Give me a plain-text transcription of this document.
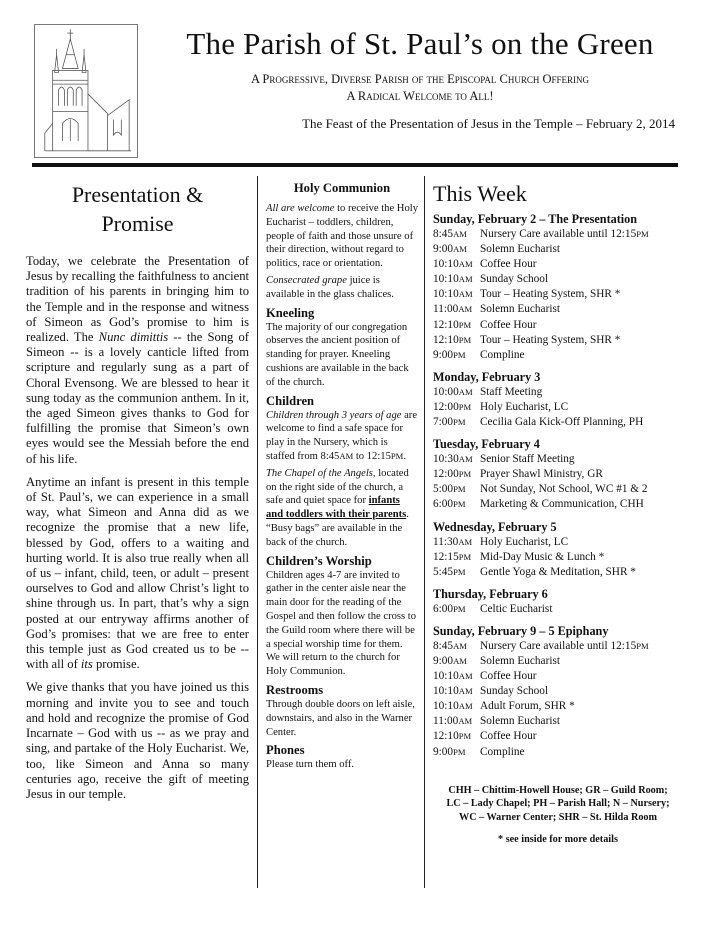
The Parish of St. Paul’s on the Green
A Progressive, Diverse Parish of the Episcopal Church Offering
A Radical Welcome to All!
The Feast of the Presentation of Jesus in the Temple – February 2, 2014
Presentation &
Promise

Today, we celebrate the Presentation of Jesus by recalling the faithfulness to ancient tradition of his parents in bringing him to the Temple and in the response and witness of Simeon as God’s promise to him is realized. The Nunc dimittis -- the Song of Simeon -- is a lovely canticle lifted from scripture and regularly sung as a part of Choral Evensong. We are blessed to hear it sung today as the communion anthem. In it, the aged Simeon gives thanks to God for fulfilling the promise that Simeon’s own eyes would see the Messiah before the end of his life.

Anytime an infant is present in this temple of St. Paul’s, we can experience in a small way, what Simeon and Anna did as we recognize the promise that a new life, blessed by God, offers to a waiting and hurting world. It is also true really when all of us – infant, child, teen, or adult – present ourselves to God and allow Christ’s light to shine through us. In part, that’s why a sign posted at our entryway affirms another of God’s promises: that we are free to enter this temple just as God created us to be -- with all of its promise.

We give thanks that you have joined us this morning and invite you to see and touch and hold and recognize the promise of God Incarnate – God with us -- as we pray and sing, and partake of the Holy Eucharist. We, too, like Simeon and Anna so many centuries ago, receive the gift of meeting Jesus in our temple.

Holy Communion

All are welcome to receive the Holy Eucharist – toddlers, children, people of faith and those unsure of their direction, without regard to politics, race or orientation.

Consecrated grape juice is available in the glass chalices.

Kneeling

The majority of our congregation observes the ancient position of standing for prayer. Kneeling cushions are available in the back of the church.

Children

Children through 3 years of age are welcome to find a safe space for play in the Nursery, which is staffed from 8:45AM to 12:15PM.

The Chapel of the Angels, located on the right side of the church, a safe and quiet space for infants and toddlers with their parents. “Busy bags” are available in the back of the church.

Children’s Worship

Children ages 4-7 are invited to gather in the center aisle near the main door for the reading of the Gospel and then follow the cross to the Guild room where there will be a special worship time for them. We will return to the church for Holy Communion.

Restrooms

Through double doors on left aisle, downstairs, and also in the Warner Center.

Phones

Please turn them off.

This Week
Sunday, February 2 – The Presentation
8:45AM	Nursery Care available until 12:15PM
9:00AM	Solemn Eucharist
10:10AM Coffee Hour
10:10AM Sunday School
10:10AM Tour – Heating System, SHR *
11:00AM Solemn Eucharist
12:10PM Coffee Hour
12:10PM Tour – Heating System, SHR *
9:00PM	Compline
Monday, February 3
10:00AM Staff Meeting
12:00PM Holy Eucharist, LC
7:00PM	Cecilia Gala Kick-Off Planning, PH
Tuesday, February 4
10:30AM Senior Staff Meeting
12:00PM Prayer Shawl Ministry, GR
5:00PM	Not Sunday, Not School, WC #1 & 2
6:00PM	Marketing & Communication, CHH
Wednesday, February 5
11:30AM Holy Eucharist, LC
12:15PM Mid-Day Music & Lunch *
5:45PM	Gentle Yoga & Meditation, SHR *
Thursday, February 6
6:00PM	Celtic Eucharist
Sunday, February 9 – 5 Epiphany
8:45AM	Nursery Care available until 12:15PM
9:00AM	Solemn Eucharist
10:10AM Coffee Hour
10:10AM Sunday School
10:10AM Adult Forum, SHR *
11:00AM Solemn Eucharist
12:10PM Coffee Hour
9:00PM	Compline
CHH – Chittim-Howell House; GR – Guild Room;
LC – Lady Chapel; PH – Parish Hall; N – Nursery;
WC – Warner Center; SHR – St. Hilda Room
* see inside for more details
